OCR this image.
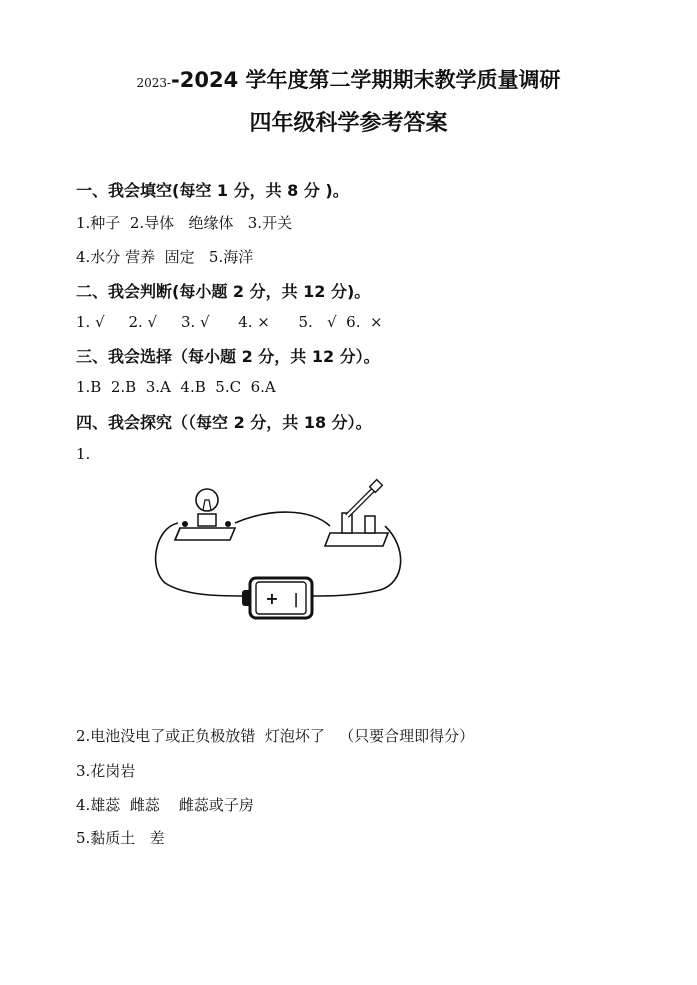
2023--2024 学年度第二学期期末教学质量调研
四年级科学参考答案
一、我会填空(每空 1 分，共 8 分 )。
1.种子  2.导体   绝缘体   3.开关
4.水分 营养  固定   5.海洋
二、我会判断(每小题 2 分，共 12 分)。
1. √     2. √     3. √      4. ×      5.   √  6.  ×
三、我会选择（每小题 2 分，共 12 分）。
1.B  2.B  3.A  4.B  5.C  6.A
四、我会探究（（每空 2 分，共 18 分）。
1.
+ |
2.电池没电了或正负极放错  灯泡坏了   （只要合理即得分）
3.花岗岩
4.雄蕊  雌蕊    雌蕊或子房
5.黏质土   差
